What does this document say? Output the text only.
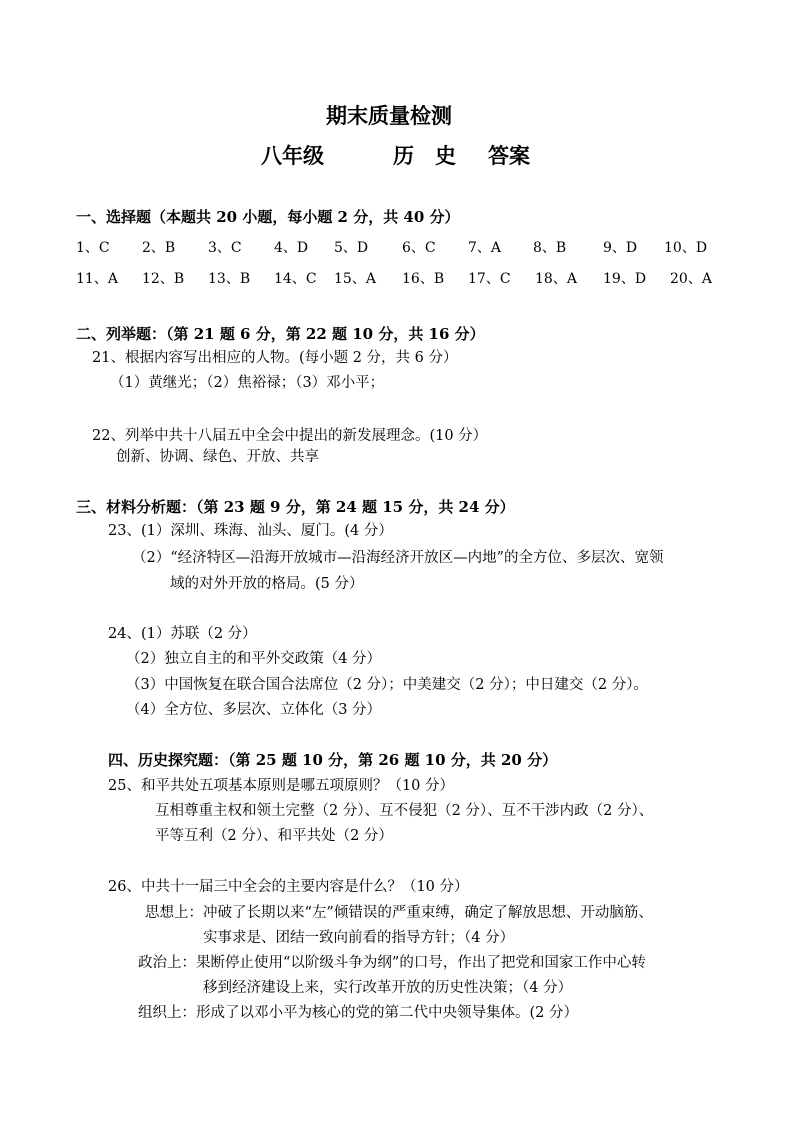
期末质量检测
八年级	历　史 答案
一、选择题（本题共 20 小题，每小题 2 分，共 40 分）
1、C 2、B 3、C 4、D 5、D 6、C 7、A 8、B	9、D 10、D
11、A 12、B 13、B 14、C 15、A 16、B 17、C 18、A 19、D 20、A
二、列举题：（第 21 题 6 分，第 22 题 10 分，共 16 分）
21、根据内容写出相应的人物。(每小题 2 分，共 6 分）
（1）黄继光；（2）焦裕禄；（3）邓小平；
22、列举中共十八届五中全会中提出的新发展理念。(10 分）
创新、协调、绿色、开放、共享
三、材料分析题：（第 23 题 9 分，第 24 题 15 分，共 24 分）
23、(1）深圳、珠海、汕头、厦门。(4 分）
（2）“经济特区—沿海开放城市—沿海经济开放区—内地”的全方位、多层次、宽领
域的对外开放的格局。(5 分）
24、(1）苏联（2 分）
（2）独立自主的和平外交政策（4 分）
（3）中国恢复在联合国合法席位（2 分）；中美建交（2 分）；中日建交（2 分）。
（4）全方位、多层次、立体化（3 分）
四、历史探究题：（第 25 题 10 分，第 26 题 10 分，共 20 分）
25、和平共处五项基本原则是哪五项原则？（10 分）
互相尊重主权和领土完整（2 分）、互不侵犯（2 分）、互不干涉内政（2 分）、
平等互利（2 分）、和平共处（2 分）
26、中共十一届三中全会的主要内容是什么？（10 分）
思想上：冲破了长期以来“左”倾错误的严重束缚，确定了解放思想、开动脑筋、
实事求是、团结一致向前看的指导方针；（4 分）
政治上：果断停止使用“以阶级斗争为纲”的口号，作出了把党和国家工作中心转
移到经济建设上来，实行改革开放的历史性决策；（4 分）
组织上：形成了以邓小平为核心的党的第二代中央领导集体。(2 分）
